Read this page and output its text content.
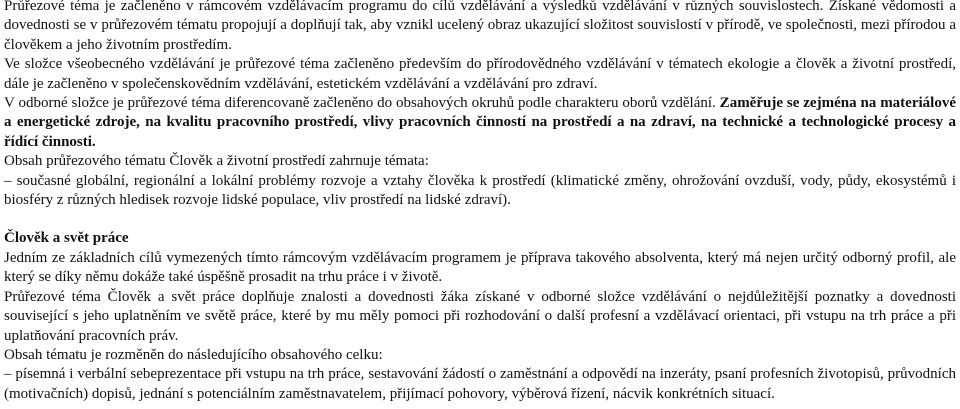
Průřezové téma je začleněno v rámcovém vzdělávacím programu do cílů vzdělávání a výsledků vzdělávání v různých souvislostech. Získané vědomosti a dovednosti se v průřezovém tématu propojují a doplňují tak, aby vznikl ucelený obraz ukazující složitost souvislostí v přírodě, ve společnosti, mezi přírodou a člověkem a jeho životním prostředím.

Ve složce všeobecného vzdělávání je průřezové téma začleněno především do přírodovědného vzdělávání v tématech ekologie a člověk a životní prostředí, dále je začleněno v společenskovědním vzdělávání, estetickém vzdělávání a vzdělávání pro zdraví.

V odborné složce je průřezové téma diferencovaně začleněno do obsahových okruhů podle charakteru oborů vzdělání. Zaměřuje se zejména na materiálové a energetické zdroje, na kvalitu pracovního prostředí, vlivy pracovních činností na prostředí a na zdraví, na technické a technologické procesy a řídící činnosti.

Obsah průřezového tématu Člověk a životní prostředí zahrnuje témata:

– současné globální, regionální a lokální problémy rozvoje a vztahy člověka k prostředí (klimatické změny, ohrožování ovzduší, vody, půdy, ekosystémů i biosféry z různých hledisek rozvoje lidské populace, vliv prostředí na lidské zdraví).

Člověk a svět práce

Jedním ze základních cílů vymezených tímto rámcovým vzdělávacím programem je příprava takového absolventa, který má nejen určitý odborný profil, ale který se díky němu dokáže také úspěšně prosadit na trhu práce i v životě.

Průřezové téma Člověk a svět práce doplňuje znalosti a dovednosti žáka získané v odborné složce vzdělávání o nejdůležitější poznatky a dovednosti související s jeho uplatněním ve světě práce, které by mu měly pomoci při rozhodování o další profesní a vzdělávací orientaci, při vstupu na trh práce a při uplatňování pracovních práv.

Obsah tématu je rozměněn do následujícího obsahového celku:

– písemná i verbální sebeprezentace při vstupu na trh práce, sestavování žádostí o zaměstnání a odpovědí na inzeráty, psaní profesních životopisů, průvodních (motivačních) dopisů, jednání s potenciálním zaměstnavatelem, přijímací pohovory, výběrová řízení, nácvik konkrétních situací.
